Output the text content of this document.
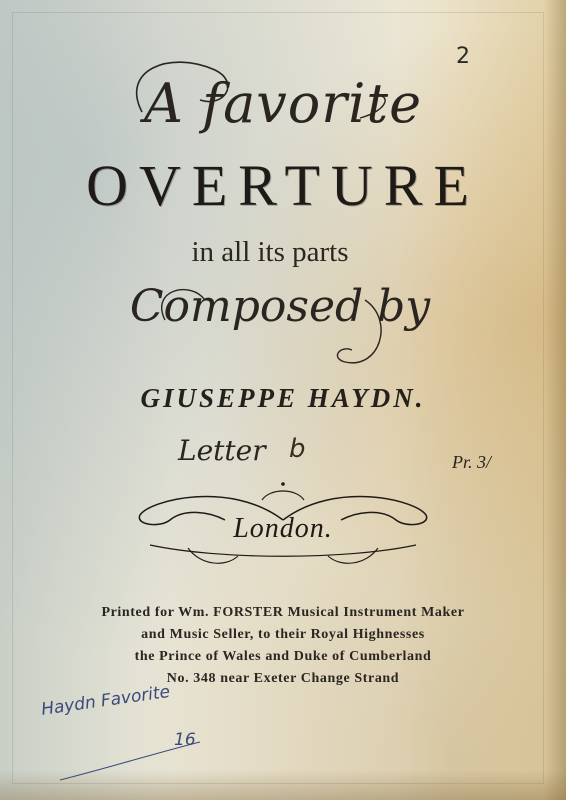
2
A favorite
OVERTURE
in all its parts
Composed by
GIUSEPPE HAYDN.
Letter b	Pr. 3/
London.
Printed for Wm. FORSTER Musical Instrument Maker
and Music Seller, to their Royal Highnesses
the Prince of Wales and Duke of Cumberland
No. 348 near Exeter Change Strand
Haydn Favorite
16
